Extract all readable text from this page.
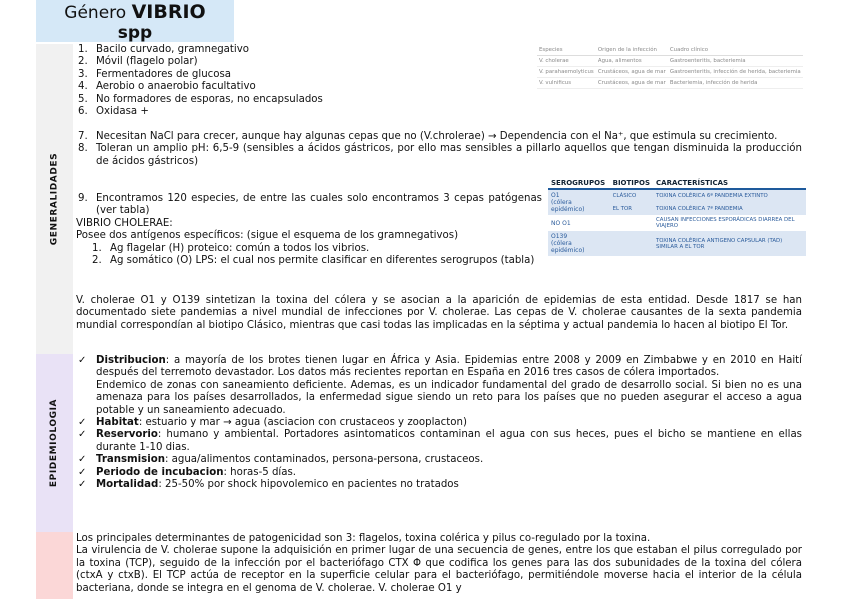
Género VIBRIO
spp
GENERALIDADES
EPIDEMIOLOGIA
Especies	Origen de la infección	Cuadro clínico
V. cholerae	Agua, alimentos	Gastroenteritis, bacteriemia
V. parahaemolyticus	Crustáceos, agua de mar	Gastroenteritis, infección de herida, bacteriemia
V. vulnificus	Crustáceos, agua de mar	Bacteriemia, infección de herida
SEROGRUPOS	BIOTIPOS	CARACTERÍSTICAS
O1
(cólera epidémico)	CLÁSICO	TOXINA COLÉRICA 6ª PANDEMIA EXTINTO
	EL TOR	TOXINA COLÉRICA 7ª PANDEMIA
NO O1		CAUSAN INFECCIONES ESPORÁDICAS DIARREA DEL VIAJERO
O139
(cólera epidémico)		TOXINA COLÉRICA ANTIGENO CAPSULAR (TAD) SIMILAR A EL TOR
1. Bacilo curvado, gramnegativo
2. Móvil (flagelo polar)
3. Fermentadores de glucosa
4. Aerobio o anaerobio facultativo
5. No formadores de esporas, no encapsulados
6. Oxidasa +
7. Necesitan NaCl para crecer, aunque hay algunas cepas que no (V.chrolerae) → Dependencia con el Na⁺, que estimula su crecimiento.
8. Toleran un amplio pH: 6,5-9 (sensibles a ácidos gástricos, por ello mas sensibles a pillarlo aquellos que tengan disminuida la producción de ácidos gástricos)
9. Encontramos 120 especies, de entre las cuales solo encontramos 3 cepas patógenas (ver tabla)

VIBRIO CHOLERAE:

Posee dos antígenos específicos: (sigue el esquema de los gramnegativos)

1. Ag flagelar (H) proteico: común a todos los vibrios.
2. Ag somático (O) LPS: el cual nos permite clasificar en diferentes serogrupos (tabla)

V. cholerae O1 y O139 sintetizan la toxina del cólera y se asocian a la aparición de epidemias de esta entidad. Desde 1817 se han documentado siete pandemias a nivel mundial de infecciones por V. cholerae. Las cepas de V. cholerae causantes de la sexta pandemia mundial correspondían al biotipo Clásico, mientras que casi todas las implicadas en la séptima y actual pandemia lo hacen al biotipo El Tor.

✓ Distribucion: a mayoría de los brotes tienen lugar en África y Asia. Epidemias entre 2008 y 2009 en Zimbabwe y en 2010 en Haití después del terremoto devastador. Los datos más recientes reportan en España en 2016 tres casos de cólera importados.
Endemico de zonas con saneamiento deficiente. Ademas, es un indicador fundamental del grado de desarrollo social. Si bien no es una amenaza para los países desarrollados, la enfermedad sigue siendo un reto para los países que no pueden asegurar el acceso a agua potable y un saneamiento adecuado.
✓ Habitat: estuario y mar → agua (asciacion con crustaceos y zooplacton)
✓ Reservorio: humano y ambiental. Portadores asintomaticos contaminan el agua con sus heces, pues el bicho se mantiene en ellas durante 1-10 dias.
✓ Transmision: agua/alimentos contaminados, persona-persona, crustaceos.
✓ Periodo de incubacion: horas-5 días.
✓ Mortalidad: 25-50% por shock hipovolemico en pacientes no tratados

Los principales determinantes de patogenicidad son 3: flagelos, toxina colérica y pilus co-regulado por la toxina.

La virulencia de V. cholerae supone la adquisición en primer lugar de una secuencia de genes, entre los que estaban el pilus corregulado por la toxina (TCP), seguido de la infección por el bacteriófago CTX Φ que codifica los genes para las dos subunidades de la toxina del cólera (ctxA y ctxB). El TCP actúa de receptor en la superficie celular para el bacteriófago, permitiéndole moverse hacia el interior de la célula bacteriana, donde se integra en el genoma de V. cholerae. V. cholerae O1 y
